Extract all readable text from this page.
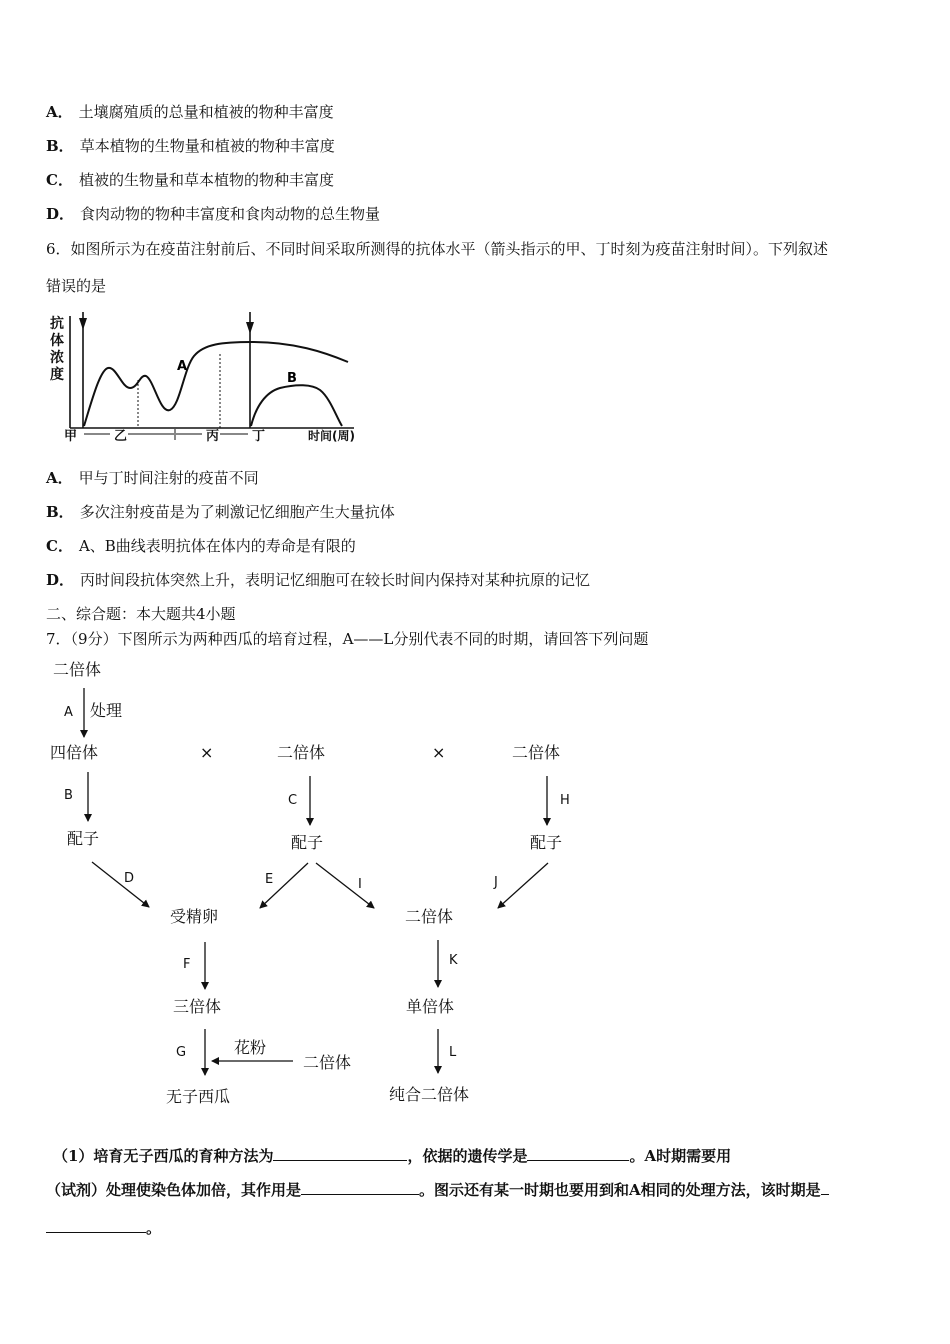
A． 土壤腐殖质的总量和植被的物种丰富度
B． 草本植物的生物量和植被的物种丰富度
C． 植被的生物量和草本植物的物种丰富度
D． 食肉动物的物种丰富度和食肉动物的总生物量
6．如图所示为在疫苗注射前后、不同时间采取所测得的抗体水平（箭头指示的甲、丁时刻为疫苗注射时间）。下列叙述
错误的是
抗
体
浓
度
A
B
甲	乙	丙	丁	时间(周)
A． 甲与丁时间注射的疫苗不同
B． 多次注射疫苗是为了刺激记忆细胞产生大量抗体
C． A、B曲线表明抗体在体内的寿命是有限的
D． 丙时间段抗体突然上升，表明记忆细胞可在较长时间内保持对某种抗原的记忆
二、综合题：本大题共4小题
7．（9分）下图所示为两种西瓜的培育过程，A——L分别代表不同的时期，请回答下列问题
二倍体
四倍体	×	二倍体	×	二倍体
配子	配子	配子
受精卵	二倍体
三倍体	单倍体
花粉
二倍体
无子西瓜	纯合二倍体
处理
A
B	C	H
D	E	I	J
F	K
G	L
（1）培育无子西瓜的育种方法为	，依据的遗传学是	。A时期需要用
（试剂）处理使染色体加倍，其作用是	。图示还有某一时期也要用到和A相同的处理方法，该时期是
。
